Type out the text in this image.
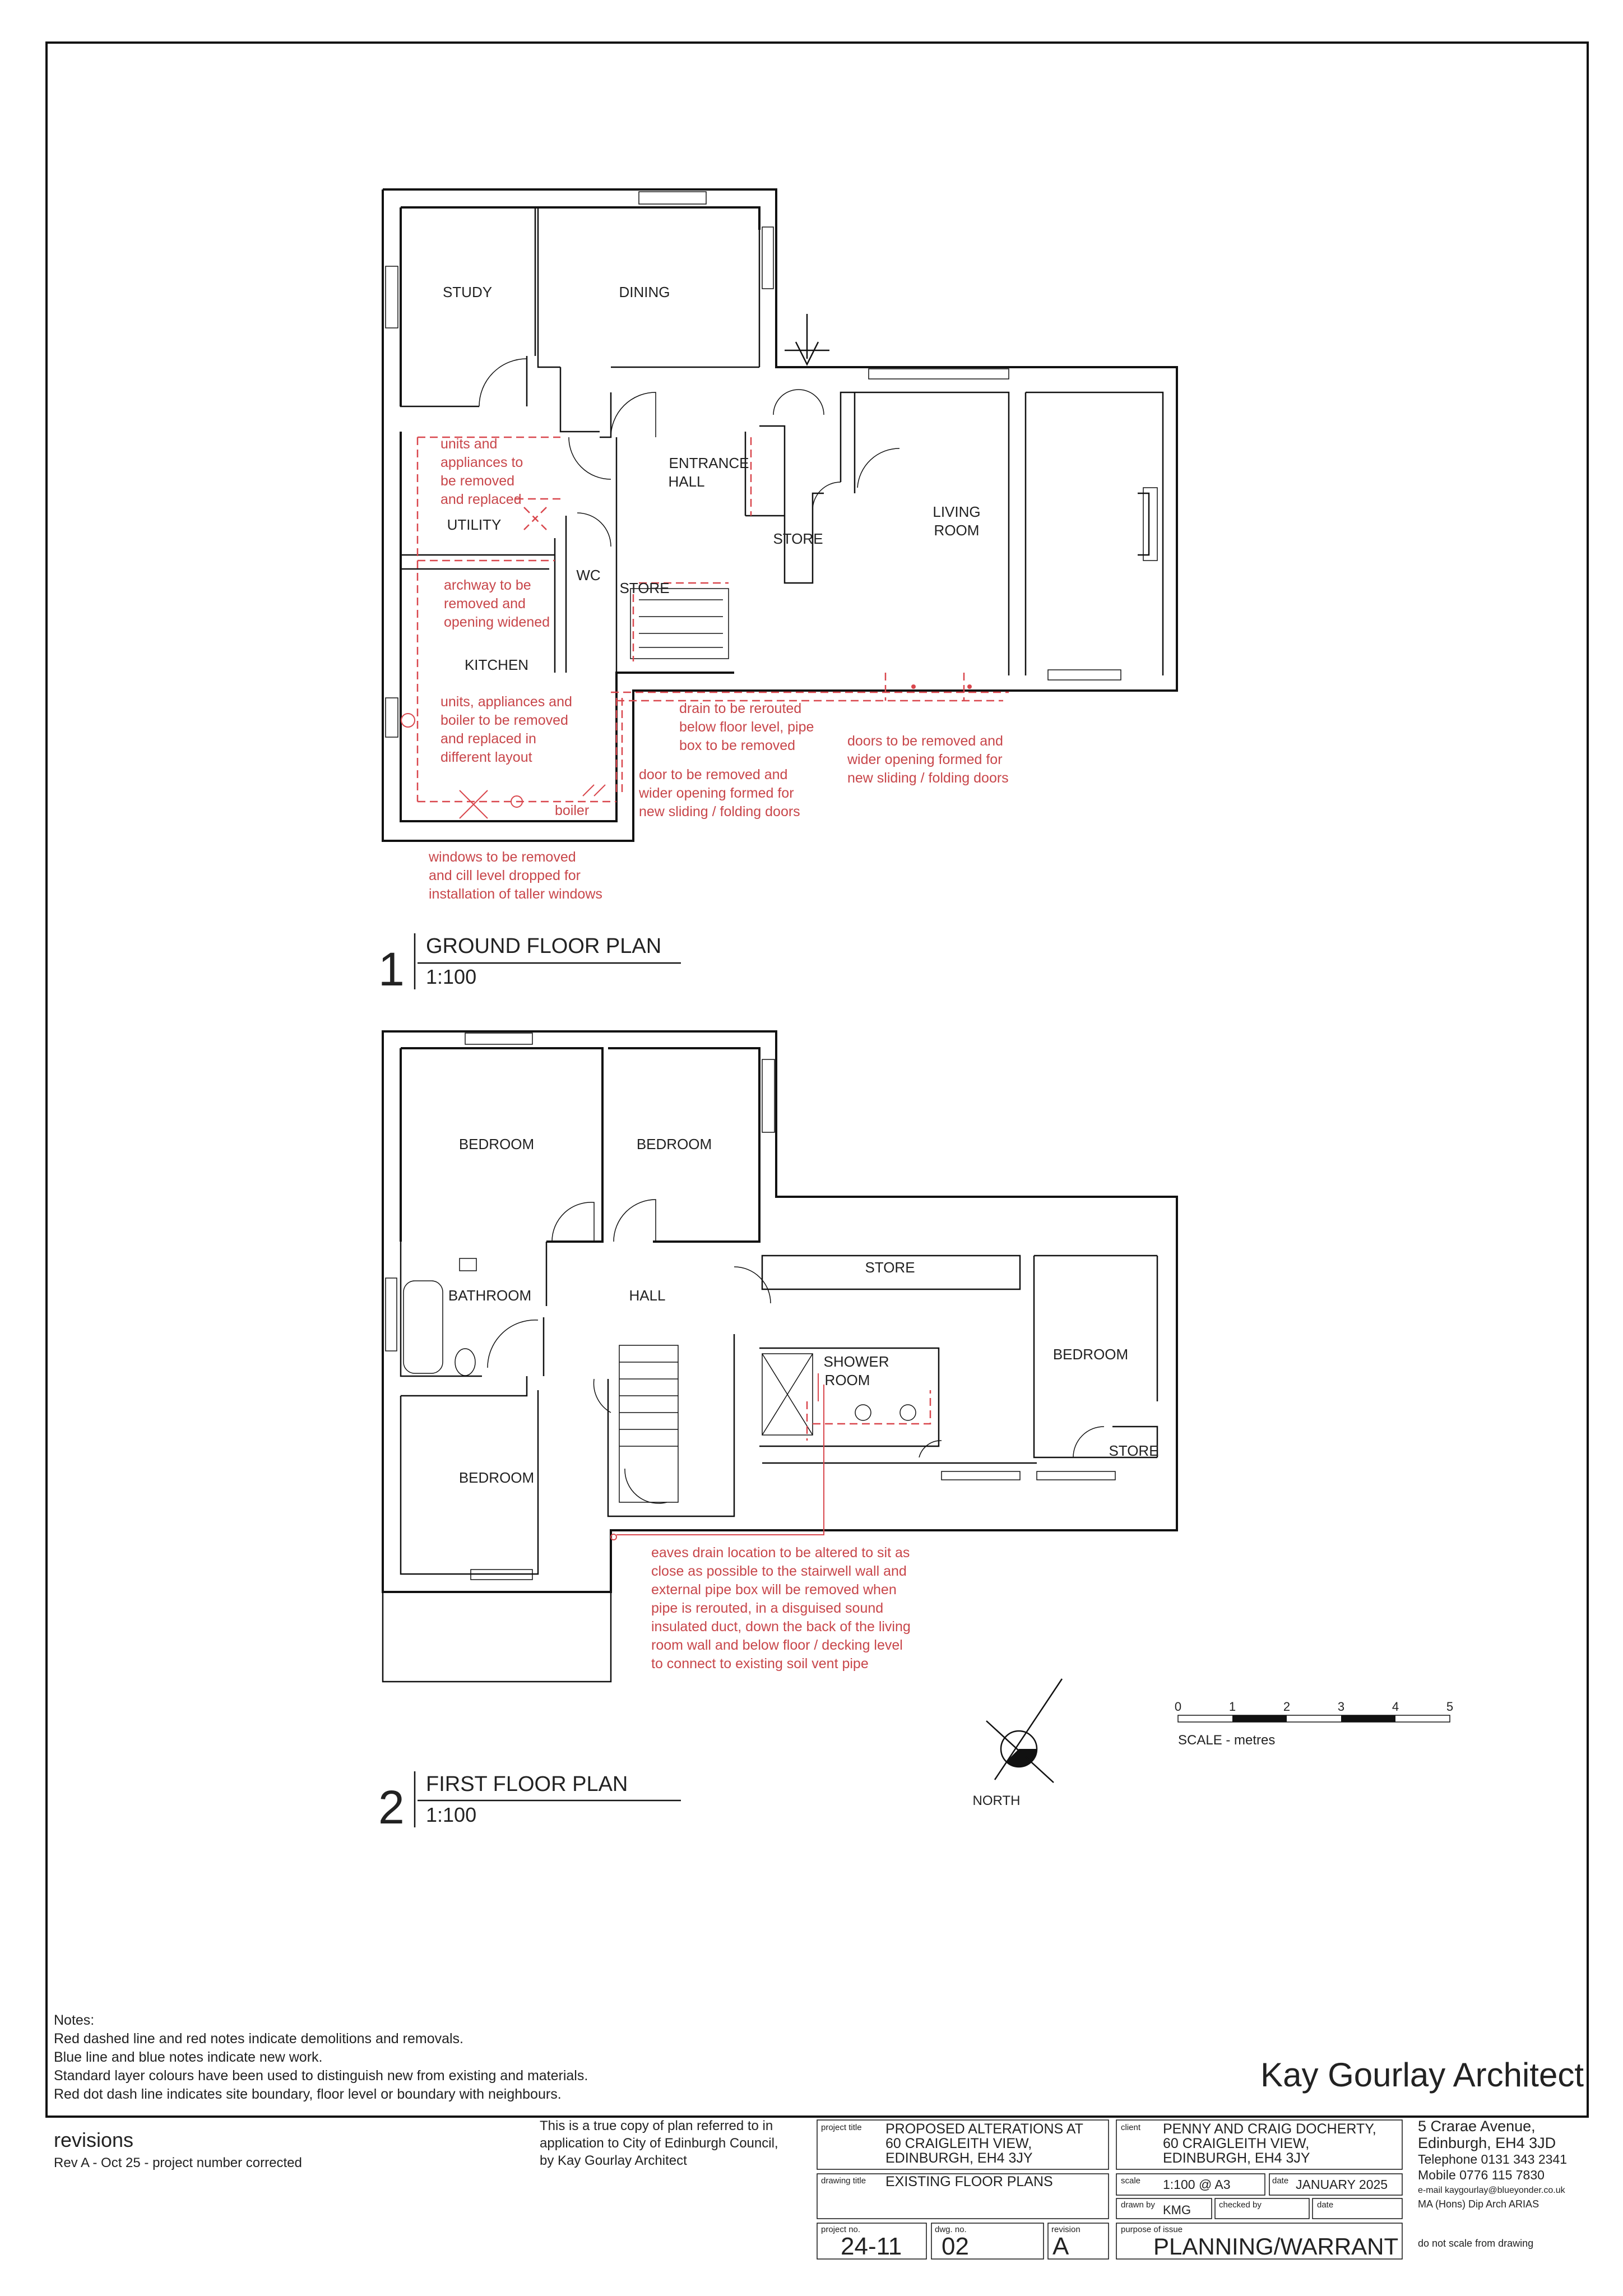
STUDY	DINING
ENTRANCE
HALL
UTILITY
WC
STORE
STORE
LIVING
ROOM
KITCHEN
units and
appliances to
be removed
and replaced
archway to be
removed and
opening widened
units, appliances and
boiler to be removed
and replaced in
different layout
boiler
drain to be rerouted
below floor level, pipe
box to be removed
door to be removed and
wider opening formed for
new sliding / folding doors
doors to be removed and
wider opening formed for
new sliding / folding doors
windows to be removed
and cill level dropped for
installation of taller windows
1 GROUND FLOOR PLAN
1:100
BEDROOM	BEDROOM
BATHROOM	HALL
STORE
SHOWER
ROOM
BEDROOM
BEDROOM
STORE
eaves drain location to be altered to sit as
close as possible to the stairwell wall and
external pipe box will be removed when
pipe is rerouted, in a disguised sound
insulated duct, down the back of the living
room wall and below floor / decking level
to connect to existing soil vent pipe
2 FIRST FLOOR PLAN
1:100
NORTH
0	1	2	3	4	5
SCALE - metres
Notes:
Red dashed line and red notes indicate demolitions and removals.
Blue line and blue notes indicate new work.
Standard layer colours have been used to distinguish new from existing and materials.
Red dot dash line indicates site boundary, floor level or boundary with neighbours.
Kay Gourlay Architect
revisions
Rev A - Oct 25 - project number corrected
This is a true copy of plan referred to in
application to City of Edinburgh Council,
by Kay Gourlay Architect
project title PROPOSED ALTERATIONS AT
60 CRAIGLEITH VIEW,
EDINBURGH, EH4 3JY
client PENNY AND CRAIG DOCHERTY,
60 CRAIGLEITH VIEW,
EDINBURGH, EH4 3JY
drawing title EXISTING FLOOR PLANS	scale 1:100 @ A3	date JANUARY 2025
drawn by KMG	checked by	date
project no.
24-11
dwg. no.
02
revision
A
purpose of issue
PLANNING/WARRANT
5 Crarae Avenue,
Edinburgh, EH4 3JD
Telephone 0131 343 2341
Mobile 0776 115 7830
e-mail kaygourlay@blueyonder.co.uk
MA (Hons) Dip Arch ARIAS
do not scale from drawing
